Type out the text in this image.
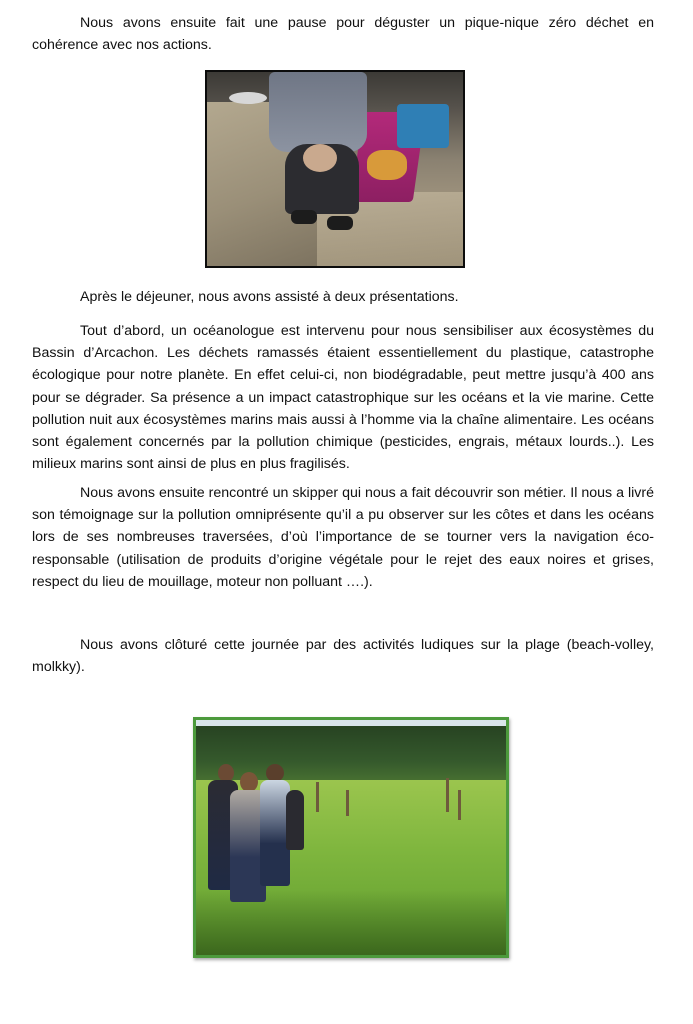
Nous avons ensuite fait une pause pour déguster un pique-nique zéro déchet en cohérence avec nos actions.

Après le déjeuner, nous avons assisté à deux présentations.

Tout d’abord, un océanologue est intervenu pour nous sensibiliser aux écosystèmes du Bassin d’Arcachon. Les déchets ramassés étaient essentiellement du plastique, catastrophe écologique pour notre planète. En effet celui-ci, non biodégradable, peut mettre jusqu’à 400 ans pour se dégrader. Sa présence a un impact catastrophique sur les océans et la vie marine. Cette pollution nuit aux écosystèmes marins mais aussi à l’homme via la chaîne alimentaire. Les océans sont également concernés par la pollution chimique (pesticides, engrais, métaux lourds..). Les milieux marins sont ainsi de plus en plus fragilisés.

Nous avons ensuite rencontré un skipper qui nous a fait découvrir son métier. Il nous a livré son témoignage sur la pollution omniprésente qu’il a pu observer sur les côtes et dans les océans lors de ses nombreuses traversées, d’où l’importance de se tourner vers la navigation éco-responsable (utilisation de produits d’origine végétale pour le rejet des eaux noires et grises, respect du lieu de mouillage, moteur non polluant ….).

Nous avons clôturé cette journée par des activités ludiques sur la plage (beach-volley, molkky).
